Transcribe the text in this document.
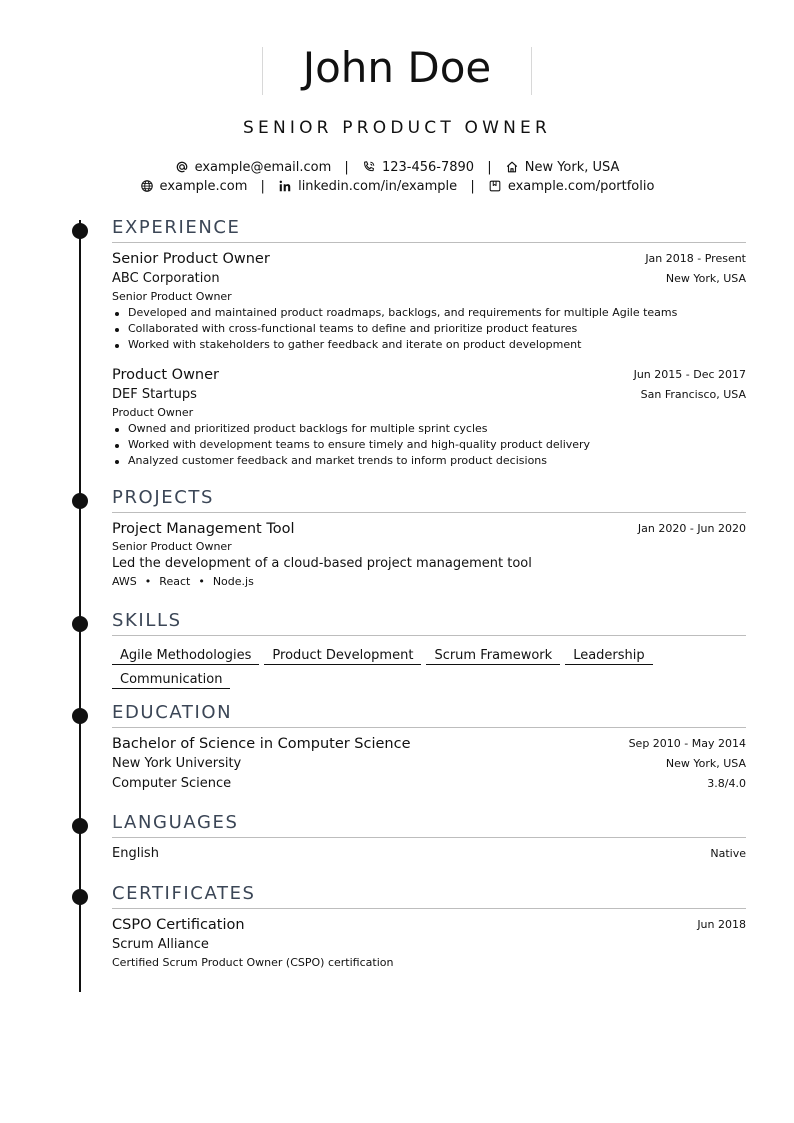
John Doe
SENIOR PRODUCT OWNER
example@email.com |	123-456-7890 |	New York, USA
example.com |	linkedin.com/in/example |	example.com/portfolio
EXPERIENCE
Senior Product Owner	Jan 2018 - Present
ABC Corporation	New York, USA
Senior Product Owner
Developed and maintained product roadmaps, backlogs, and requirements for multiple Agile teams
Collaborated with cross-functional teams to define and prioritize product features
Worked with stakeholders to gather feedback and iterate on product development
Product Owner	Jun 2015 - Dec 2017
DEF Startups	San Francisco, USA
Product Owner
Owned and prioritized product backlogs for multiple sprint cycles
Worked with development teams to ensure timely and high-quality product delivery
Analyzed customer feedback and market trends to inform product decisions
PROJECTS
Project Management Tool	Jan 2020 - Jun 2020
Senior Product Owner
Led the development of a cloud-based project management tool
AWS • React • Node.js
SKILLS
Agile Methodologies Product Development Scrum Framework LeadershipCommunication
EDUCATION
Bachelor of Science in Computer Science	Sep 2010 - May 2014
New York University	New York, USA
Computer Science	3.8/4.0
LANGUAGES
English	Native
CERTIFICATES
CSPO Certification	Jun 2018
Scrum Alliance
Certified Scrum Product Owner (CSPO) certification
